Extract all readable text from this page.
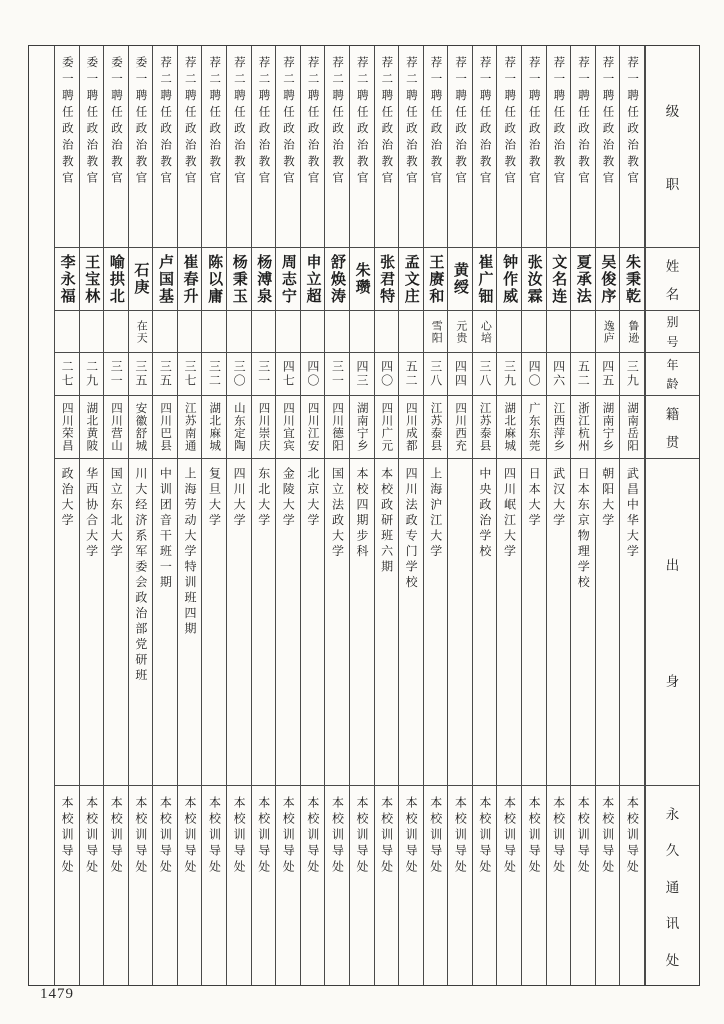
委一聘任政治教官
李永福
二七
四川荣昌
政治大学
本校训导处
委一聘任政治教官
王宝林
二九
湖北黄陂
华西协合大学
本校训导处
委一聘任政治教官
喻拱北
三一
四川营山
国立东北大学
本校训导处
委一聘任政治教官
石庚
在天
三五
安徽舒城
川大经济系军委会政治部党研班
本校训导处
荐二聘任政治教官
卢国基
三五
四川巴县
中训团音干班一期
本校训导处
荐二聘任政治教官
崔春升
三七
江苏南通
上海劳动大学特训班四期
本校训导处
荐二聘任政治教官
陈以庸
三二
湖北麻城
复旦大学
本校训导处
荐二聘任政治教官
杨秉玉
三〇
山东定陶
四川大学
本校训导处
荐二聘任政治教官
杨溥泉
三一
四川崇庆
东北大学
本校训导处
荐二聘任政治教官
周志宁
四七
四川宜宾
金陵大学
本校训导处
荐二聘任政治教官
申立超
四〇
四川江安
北京大学
本校训导处
荐二聘任政治教官
舒焕涛
三一
四川德阳
国立法政大学
本校训导处
荐二聘任政治教官
朱瓒
四三
湖南宁乡
本校四期步科
本校训导处
荐二聘任政治教官
张君特
四〇
四川广元
本校政研班六期
本校训导处
荐二聘任政治教官
孟文庄
五二
四川成都
四川法政专门学校
本校训导处
荐一聘任政治教官
王赓和
雪阳
三八
江苏泰县
上海沪江大学
本校训导处
荐一聘任政治教官
黄绶
元贵
四四
四川西充
本校训导处
荐一聘任政治教官
崔广钿
心培
三八
江苏泰县
中央政治学校
本校训导处
荐一聘任政治教官
钟作威
三九
湖北麻城
四川岷江大学
本校训导处
荐一聘任政治教官
张汝霖
四〇
广东东莞
日本大学
本校训导处
荐一聘任政治教官
文名连
四六
江西萍乡
武汉大学
本校训导处
荐一聘任政治教官
夏承法
五二
浙江杭州
日本东京物理学校
本校训导处
荐一聘任政治教官
吴俊序
逸庐
四五
湖南宁乡
朝阳大学
本校训导处
荐一聘任政治教官
朱秉乾
鲁逊
三九
湖南岳阳
武昌中华大学
本校训导处
级
职
姓
名
别
号
年
龄
籍
贯
出
身
永
久
通
讯
处
1479
